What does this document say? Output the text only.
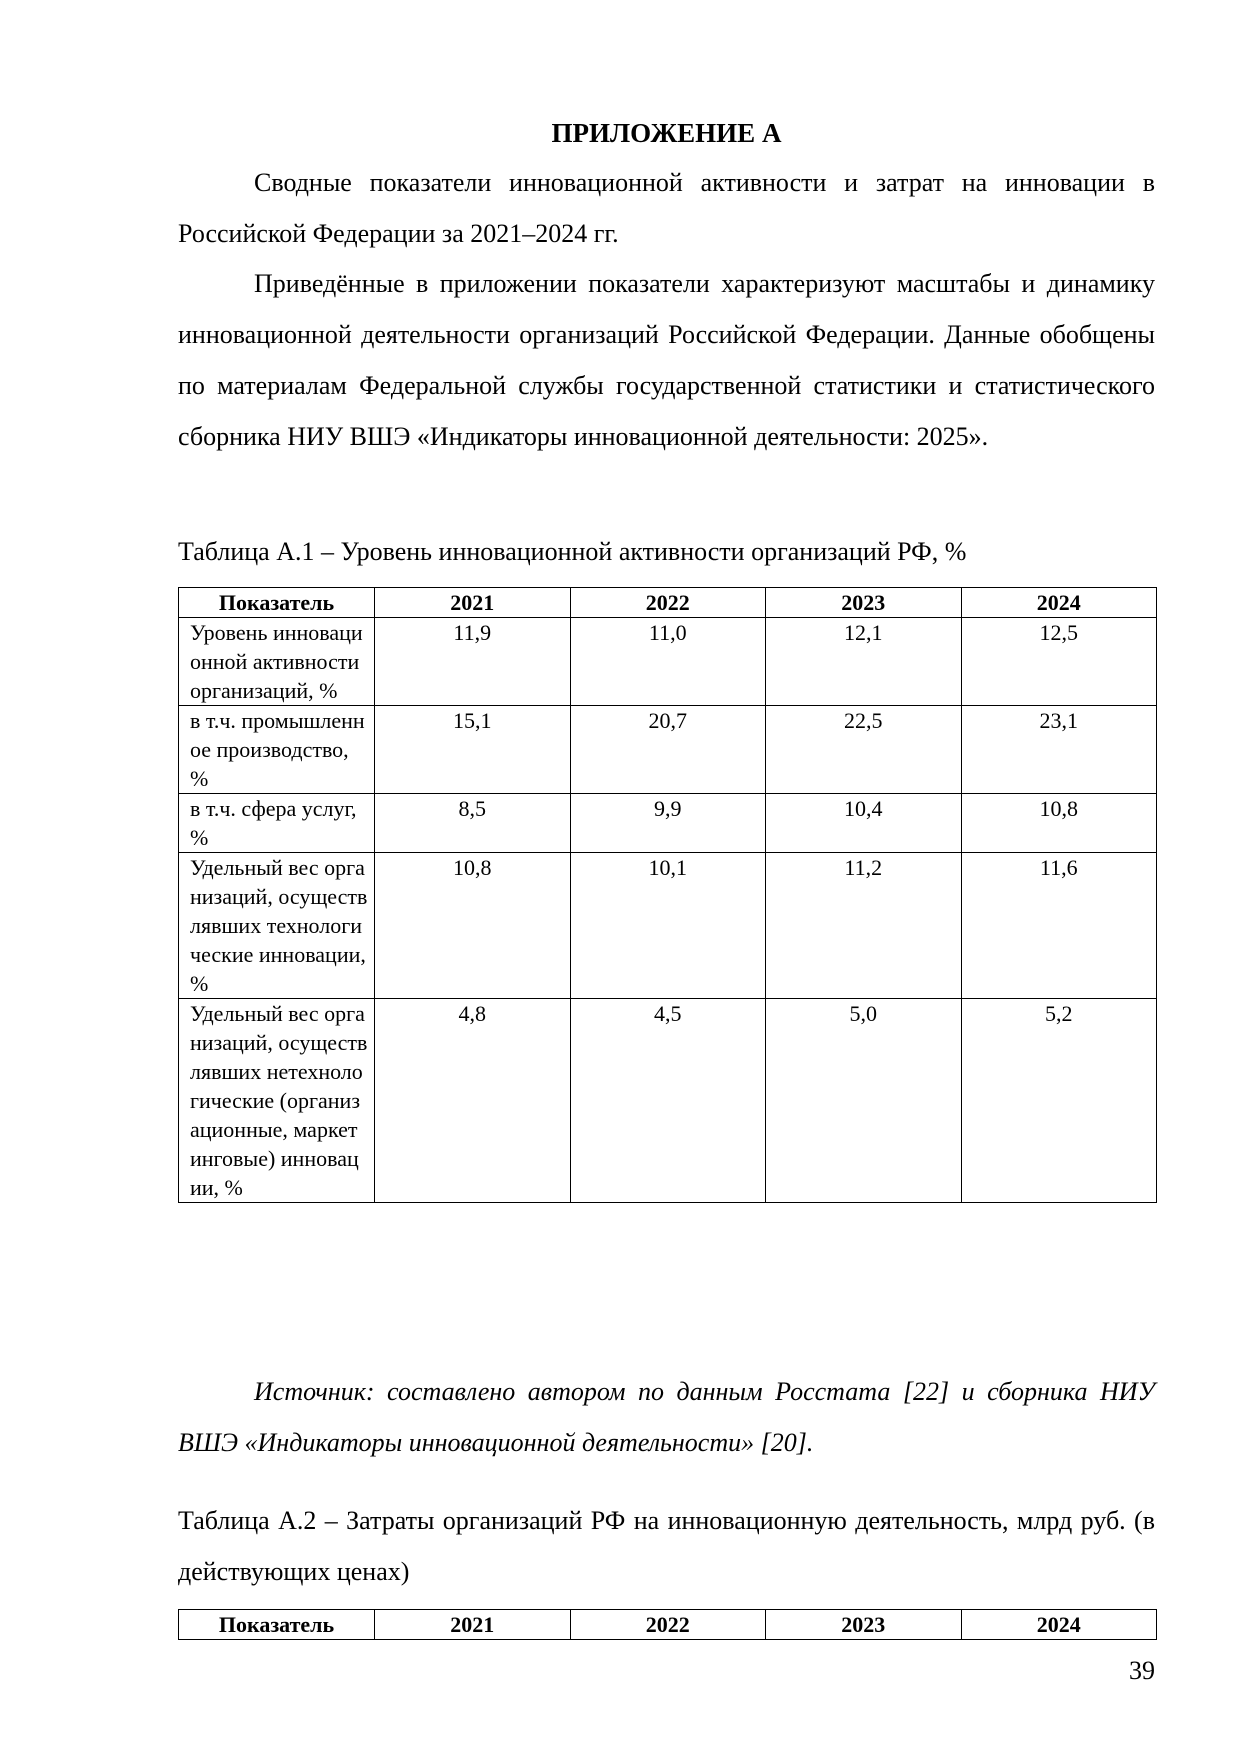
ПРИЛОЖЕНИЕ А

Сводные показатели инновационной активности и затрат на инновации в Российской Федерации за 2021–2024 гг.

Приведённые в приложении показатели характеризуют масштабы и динамику инновационной деятельности организаций Российской Федерации. Данные обобщены по материалам Федеральной службы государственной статистики и статистического сборника НИУ ВШЭ «Индикаторы инновационной деятельности: 2025».

Таблица А.1 – Уровень инновационной активности организаций РФ, %

Показатель	2021	2022	2023	2024
Уровень инновационной активности организаций, %	11,9	11,0	12,1	12,5
в т.ч. промышленное производство, %	15,1	20,7	22,5	23,1
в т.ч. сфера услуг, %	8,5	9,9	10,4	10,8
Удельный вес организаций, осуществлявших технологические инновации, %	10,8	10,1	11,2	11,6
Удельный вес организаций, осуществлявших нетехнологические (организационные, маркетинговые) инновации, %	4,8	4,5	5,0	5,2

Источник: составлено автором по данным Росстата [22] и сборника НИУ ВШЭ «Индикаторы инновационной деятельности» [20].

Таблица А.2 – Затраты организаций РФ на инновационную деятельность, млрд руб. (в действующих ценах)

Показатель	2021	2022	2023	2024
39
